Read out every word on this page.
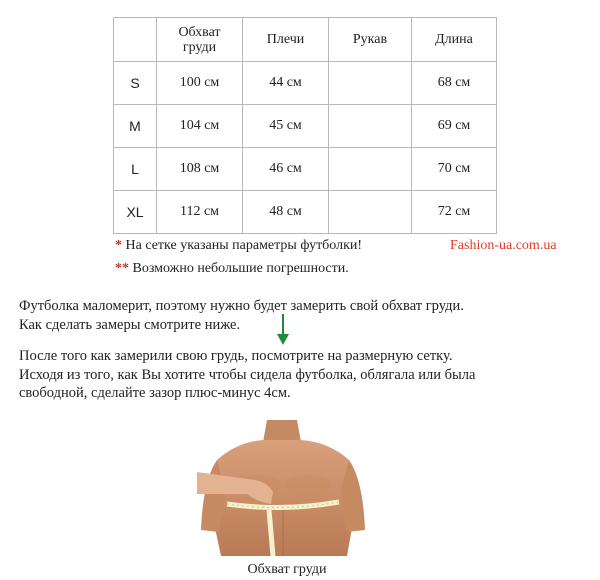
	Обхват
груди	Плечи	Рукав	Длина
S	100 см	44 см		68 см
M	104 см	45 см		69 см
L	108 см	46 см		70 см
XL	112 см	48 см		72 см
* На сетке указаны параметры футболки!
** Возможно небольшие погрешности.
Fashion-ua.com.ua
Футболка маломерит, поэтому нужно будет замерить свой обхват груди.
Как сделать замеры смотрите ниже.
После того как замерили свою грудь, посмотрите на размерную сетку.
Исходя из того, как Вы хотите чтобы сидела футболка, облягала или была
свободной, сделайте зазор плюс-минус 4см.
Обхват груди
